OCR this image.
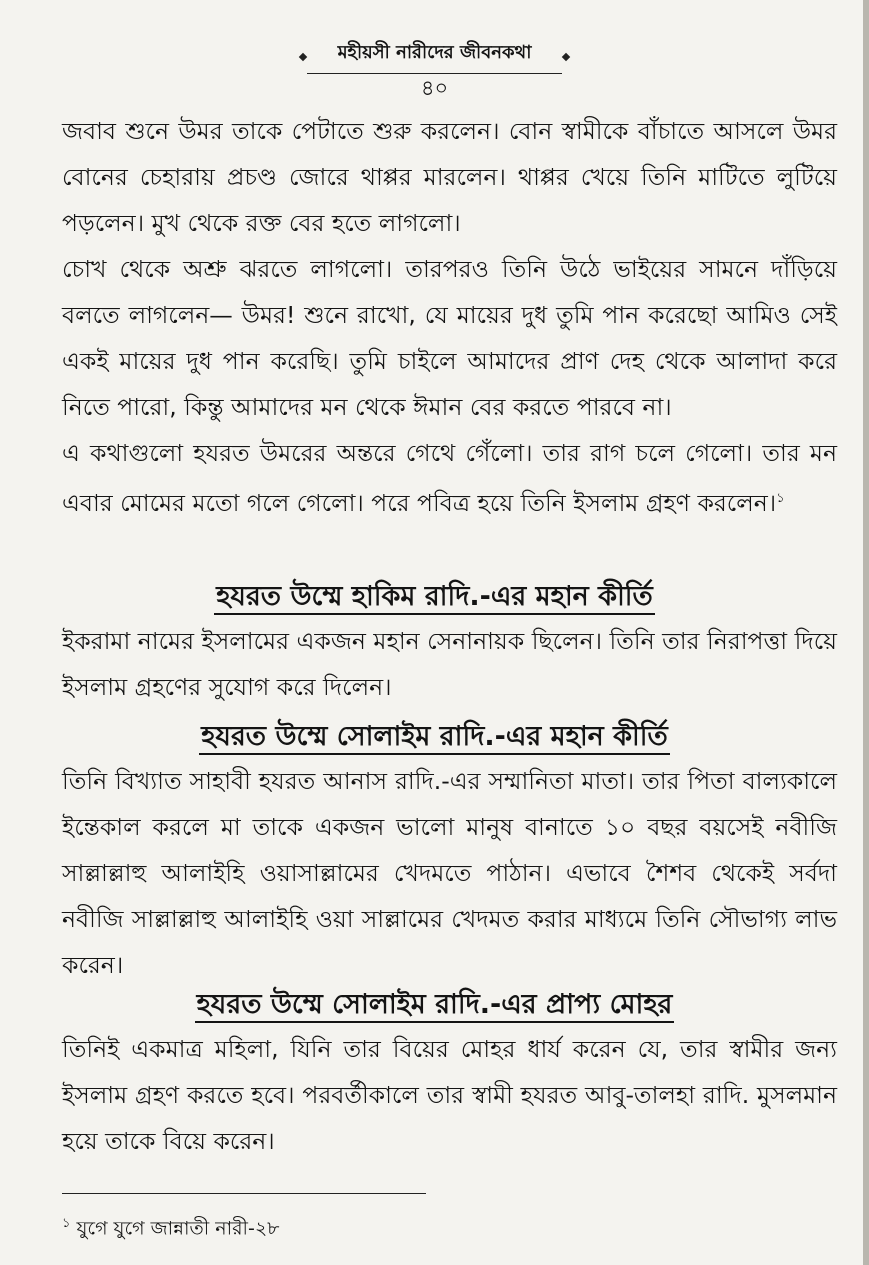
মহীয়সী নারীদের জীবনকথা
৪০

জবাব শুনে উমর তাকে পেটাতে শুরু করলেন। বোন স্বামীকে বাঁচাতে আসলে উমর বোনের চেহারায় প্রচণ্ড জোরে থাপ্পর মারলেন। থাপ্পর খেয়ে তিনি মাটিতে লুটিয়ে পড়লেন। মুখ থেকে রক্ত বের হতে লাগলো।

চোখ থেকে অশ্রু ঝরতে লাগলো। তারপরও তিনি উঠে ভাইয়ের সামনে দাঁড়িয়ে বলতে লাগলেন— উমর! শুনে রাখো, যে মায়ের দুধ তুমি পান করেছো আমিও সেই একই মায়ের দুধ পান করেছি। তুমি চাইলে আমাদের প্রাণ দেহ থেকে আলাদা করে নিতে পারো, কিন্তু আমাদের মন থেকে ঈমান বের করতে পারবে না।

এ কথাগুলো হযরত উমরের অন্তরে গেথে গেঁলো। তার রাগ চলে গেলো। তার মন এবার মোমের মতো গলে গেলো। পরে পবিত্র হয়ে তিনি ইসলাম গ্রহণ করলেন।$^১$

হযরত উম্মে হাকিম রাদি.-এর মহান কীর্তি

ইকরামা নামের ইসলামের একজন মহান সেনানায়ক ছিলেন। তিনি তার নিরাপত্তা দিয়ে ইসলাম গ্রহণের সুযোগ করে দিলেন।

হযরত উম্মে সোলাইম রাদি.-এর মহান কীর্তি

তিনি বিখ্যাত সাহাবী হযরত আনাস রাদি.-এর সম্মানিতা মাতা। তার পিতা বাল্যকালে ইন্তেকাল করলে মা তাকে একজন ভালো মানুষ বানাতে ১০ বছর বয়সেই নবীজি সাল্লাল্লাহু আলাইহি ওয়াসাল্লামের খেদমতে পাঠান। এভাবে শৈশব থেকেই সর্বদা নবীজি সাল্লাল্লাহু আলাইহি ওয়া সাল্লামের খেদমত করার মাধ্যমে তিনি সৌভাগ্য লাভ করেন।

হযরত উম্মে সোলাইম রাদি.-এর প্রাপ্য মোহর

তিনিই একমাত্র মহিলা, যিনি তার বিয়ের মোহর ধার্য করেন যে, তার স্বামীর জন্য ইসলাম গ্রহণ করতে হবে। পরবর্তীকালে তার স্বামী হযরত আবু-তালহা রাদি. মুসলমান হয়ে তাকে বিয়ে করেন।

$^১$ যুগে যুগে জান্নাতী নারী-২৮
